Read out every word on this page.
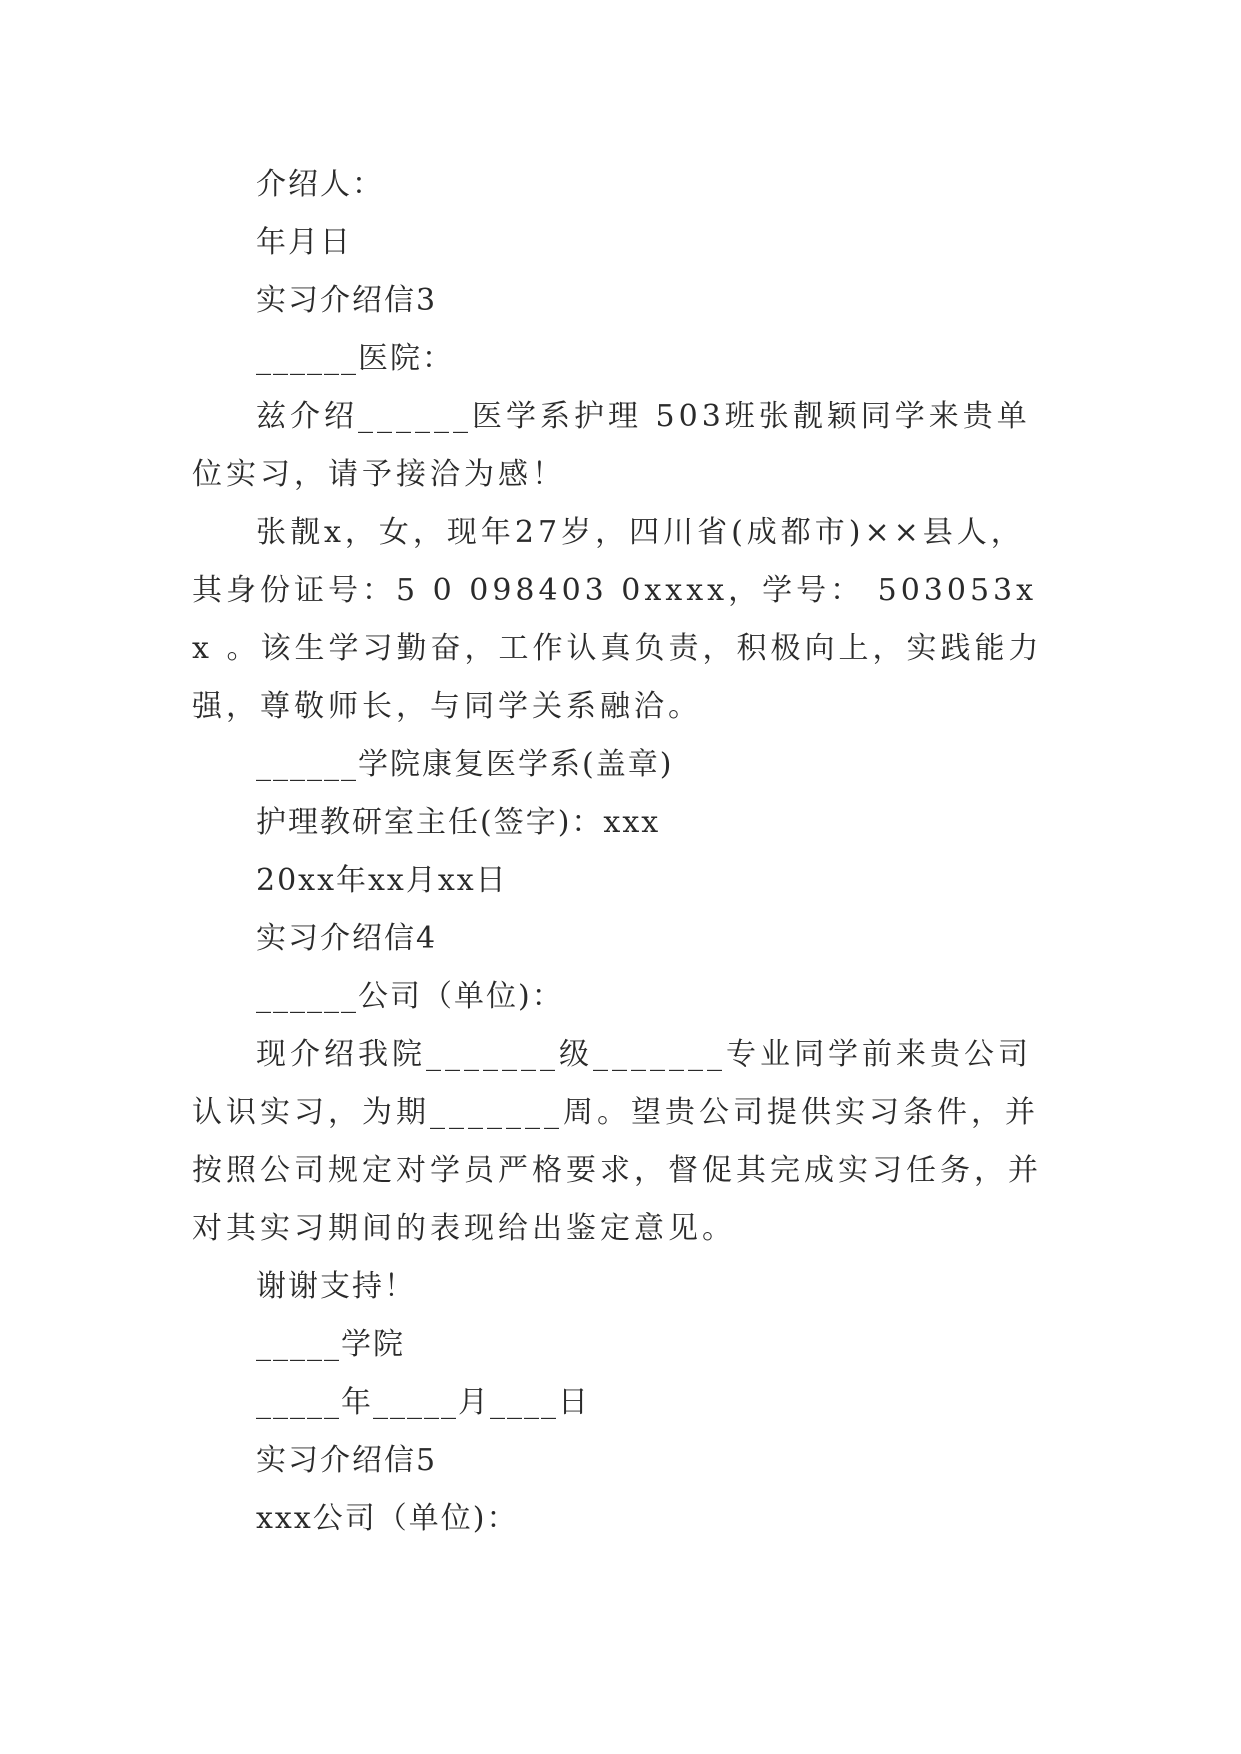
介绍人：

年月日

实习介绍信3

______医院：

兹介绍______医学系护理 503班张靓颖同学来贵单位实习，请予接洽为感！

张靓x，女，现年27岁，四川省(成都市)××县人，其身份证号：5 0 098403 0xxxx，学号： 503053xx 。该生学习勤奋，工作认真负责，积极向上，实践能力强，尊敬师长，与同学关系融洽。

______学院康复医学系(盖章)

护理教研室主任(签字)：xxx

20xx年xx月xx日

实习介绍信4

______公司（单位)：

现介绍我院_______级_______专业同学前来贵公司认识实习，为期_______周。望贵公司提供实习条件，并按照公司规定对学员严格要求，督促其完成实习任务，并对其实习期间的表现给出鉴定意见。

谢谢支持！

_____学院

_____年_____月____日

实习介绍信5

xxx公司（单位)：
